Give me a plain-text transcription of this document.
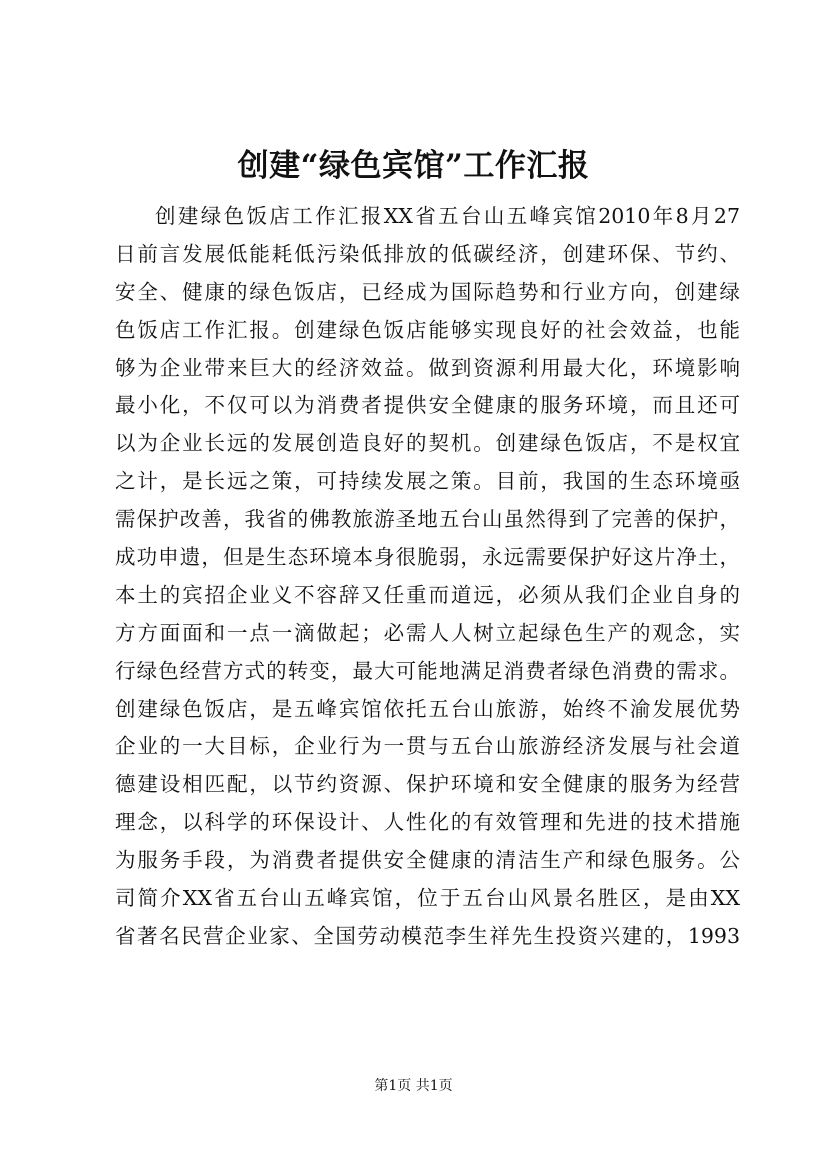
创建“绿色宾馆”工作汇报
创建绿色饭店工作汇报XX省五台山五峰宾馆2010年8月27
日前言发展低能耗低污染低排放的低碳经济，创建环保、节约、
安全、健康的绿色饭店，已经成为国际趋势和行业方向，创建绿
色饭店工作汇报。创建绿色饭店能够实现良好的社会效益，也能
够为企业带来巨大的经济效益。做到资源利用最大化，环境影响
最小化，不仅可以为消费者提供安全健康的服务环境，而且还可
以为企业长远的发展创造良好的契机。创建绿色饭店，不是权宜
之计，是长远之策，可持续发展之策。目前，我国的生态环境亟
需保护改善，我省的佛教旅游圣地五台山虽然得到了完善的保护，
成功申遗，但是生态环境本身很脆弱，永远需要保护好这片净土，
本土的宾招企业义不容辞又任重而道远，必须从我们企业自身的
方方面面和一点一滴做起；必需人人树立起绿色生产的观念，实
行绿色经营方式的转变，最大可能地满足消费者绿色消费的需求。
创建绿色饭店，是五峰宾馆依托五台山旅游，始终不渝发展优势
企业的一大目标，企业行为一贯与五台山旅游经济发展与社会道
德建设相匹配，以节约资源、保护环境和安全健康的服务为经营
理念，以科学的环保设计、人性化的有效管理和先进的技术措施
为服务手段，为消费者提供安全健康的清洁生产和绿色服务。公
司简介XX省五台山五峰宾馆，位于五台山风景名胜区，是由XX
省著名民营企业家、全国劳动模范李生祥先生投资兴建的，1993
第1页 共1页
